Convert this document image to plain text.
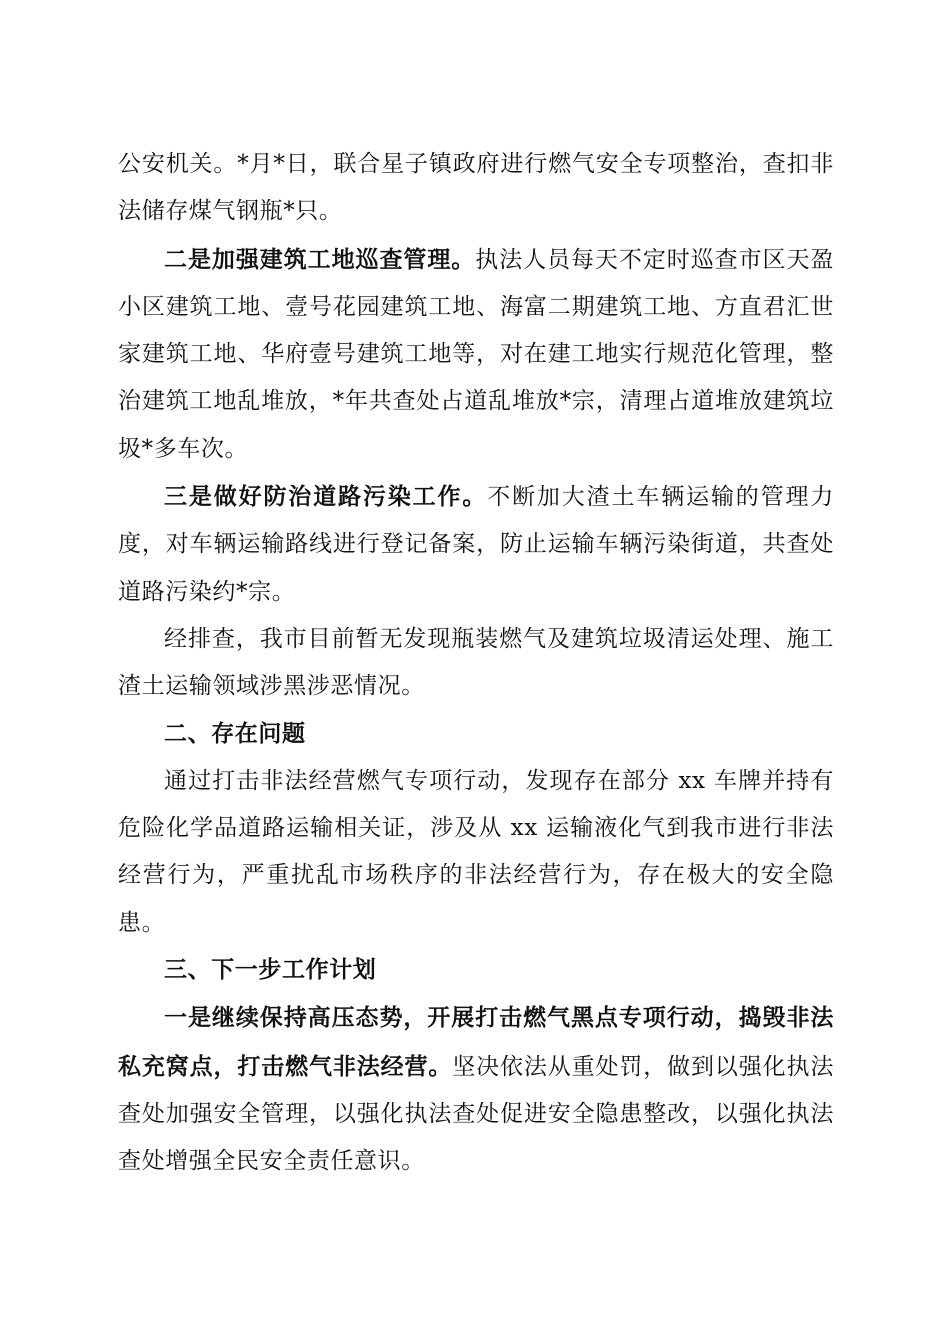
公安机关。*月*日，联合星子镇政府进行燃气安全专项整治，查扣非法储存煤气钢瓶*只。

二是加强建筑工地巡查管理。执法人员每天不定时巡查市区天盈小区建筑工地、壹号花园建筑工地、海富二期建筑工地、方直君汇世家建筑工地、华府壹号建筑工地等，对在建工地实行规范化管理，整治建筑工地乱堆放，*年共查处占道乱堆放*宗，清理占道堆放建筑垃圾*多车次。

三是做好防治道路污染工作。不断加大渣土车辆运输的管理力度，对车辆运输路线进行登记备案，防止运输车辆污染街道，共查处道路污染约*宗。

经排查，我市目前暂无发现瓶装燃气及建筑垃圾清运处理、施工渣土运输领域涉黑涉恶情况。

二、存在问题

通过打击非法经营燃气专项行动，发现存在部分 xx 车牌并持有危险化学品道路运输相关证，涉及从 xx 运输液化气到我市进行非法经营行为，严重扰乱市场秩序的非法经营行为，存在极大的安全隐患。

三、下一步工作计划

一是继续保持高压态势，开展打击燃气黑点专项行动，捣毁非法私充窝点，打击燃气非法经营。坚决依法从重处罚，做到以强化执法查处加强安全管理，以强化执法查处促进安全隐患整改，以强化执法查处增强全民安全责任意识。
